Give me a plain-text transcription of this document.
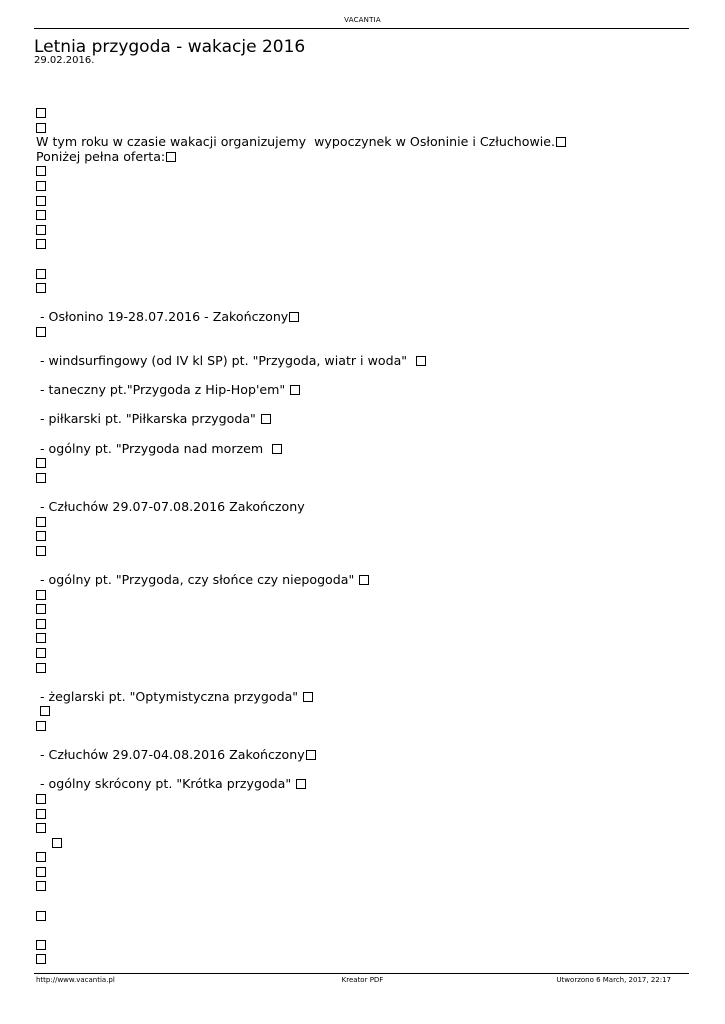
VACANTIA
Letnia przygoda - wakacje 2016
29.02.2016.
W tym roku w czasie wakacji organizujemy  wypoczynek w Osłoninie i Człuchowie.
Poniżej pełna oferta:
- Osłonino 19-28.07.2016 - Zakończony
- windsurfingowy (od IV kl SP) pt. "Przygoda, wiatr i woda"
- taneczny pt."Przygoda z Hip-Hop'em"
- piłkarski pt. "Piłkarska przygoda"
- ogólny pt. "Przygoda nad morzem
- Człuchów 29.07-07.08.2016 Zakończony
- ogólny pt. "Przygoda, czy słońce czy niepogoda"
- żeglarski pt. "Optymistyczna przygoda"

- Człuchów 29.07-04.08.2016 Zakończony
- ogólny skrócony pt. "Krótka przygoda"

http://www.vacantia.pl	Kreator PDF	Utworzono 6 March, 2017, 22:17
